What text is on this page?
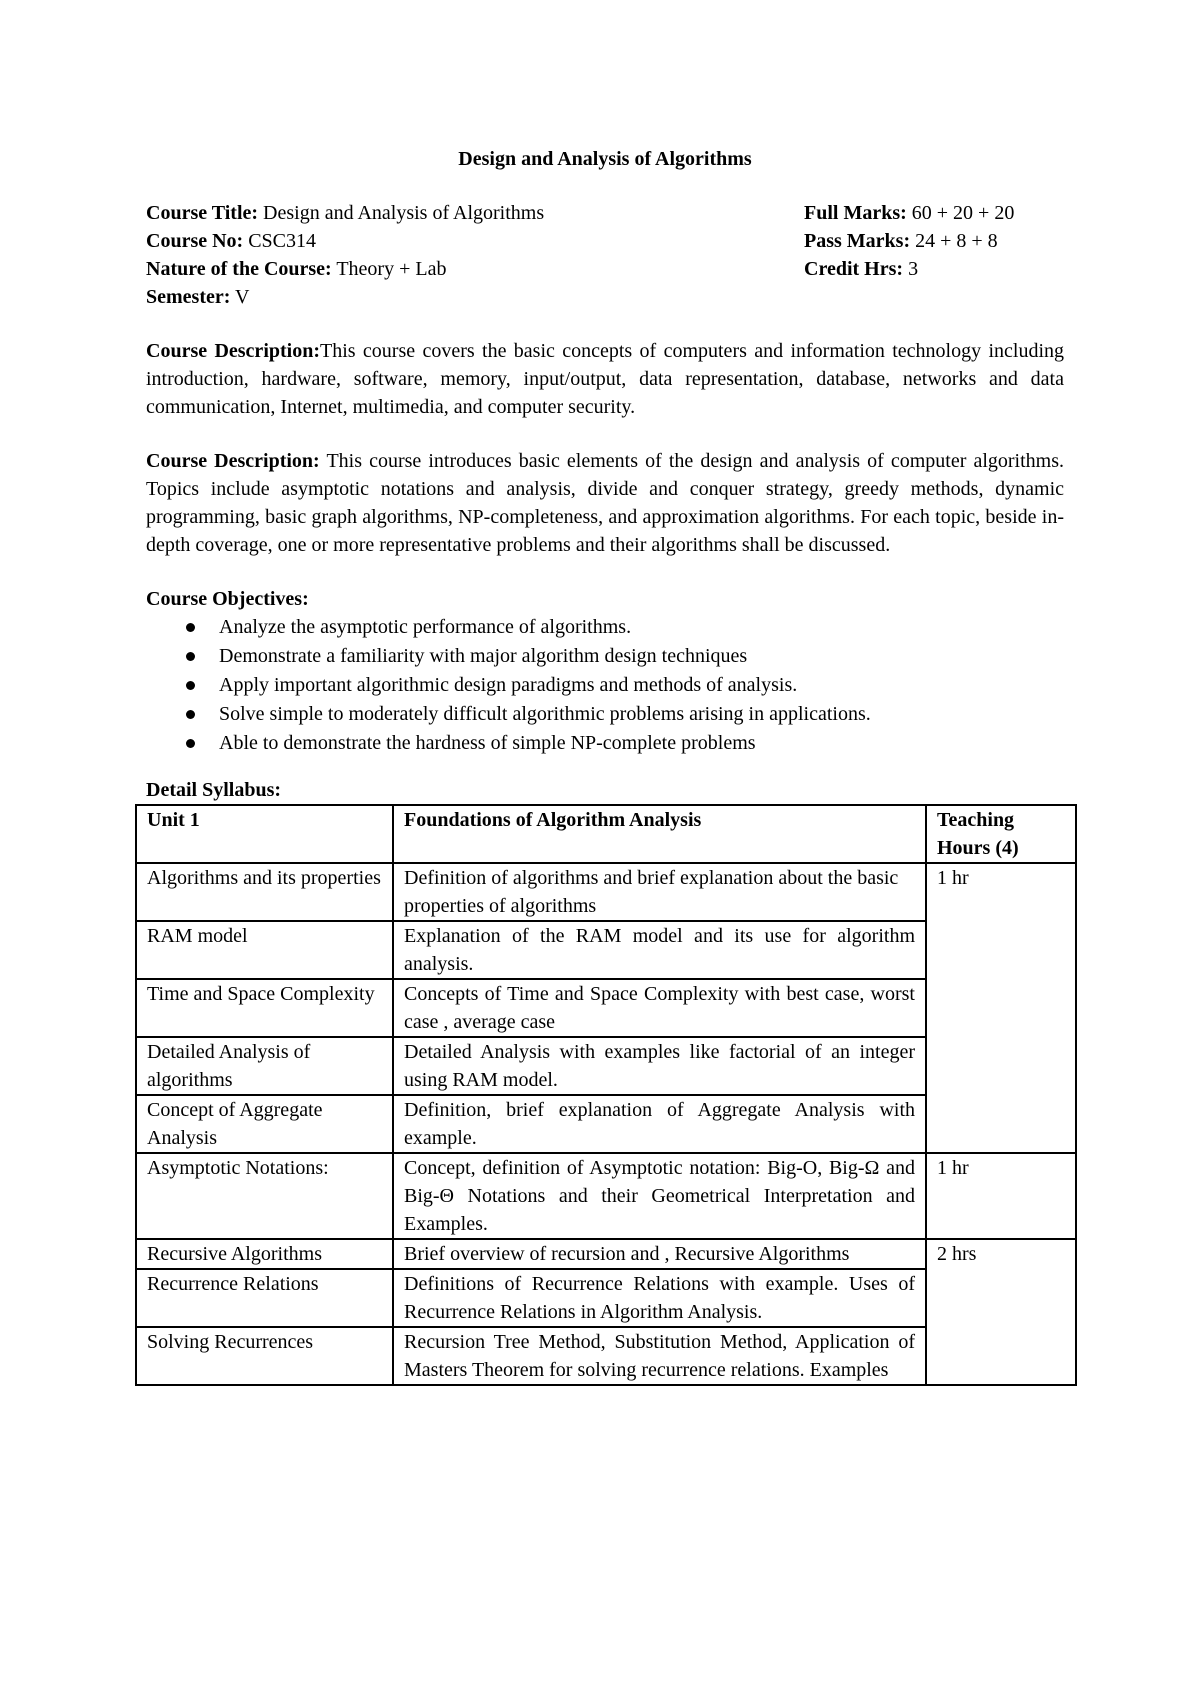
Design and Analysis of Algorithms
Course Title: Design and Analysis of Algorithms	Full Marks: 60 + 20 + 20
Course No: CSC314	Pass Marks: 24 + 8 + 8
Nature of the Course: Theory + Lab	Credit Hrs: 3
Semester: V

Course Description:This course covers the basic concepts of computers and information technology including introduction, hardware, software, memory, input/output, data representation, database, networks and data communication, Internet, multimedia, and computer security.

Course Description: This course introduces basic elements of the design and analysis of computer algorithms. Topics include asymptotic notations and analysis, divide and conquer strategy, greedy methods, dynamic programming, basic graph algorithms, NP-completeness, and approximation algorithms. For each topic, beside in-depth coverage, one or more representative problems and their algorithms shall be discussed.

Course Objectives:
Analyze the asymptotic performance of algorithms.
Demonstrate a familiarity with major algorithm design techniques
Apply important algorithmic design paradigms and methods of analysis.
Solve simple to moderately difficult algorithmic problems arising in applications.
Able to demonstrate the hardness of simple NP-complete problems
Detail Syllabus:
Unit 1	Foundations of Algorithm Analysis	Teaching Hours (4)
Algorithms and its properties	Definition of algorithms and brief explanation about the basic properties of algorithms	1 hr
RAM model	Explanation of the RAM model and its use for algorithm analysis.	
Time and Space Complexity	Concepts of Time and Space Complexity with best case, worst case , average case	
Detailed Analysis of algorithms	Detailed Analysis with examples like factorial of an integer using RAM model.	
Concept of Aggregate Analysis	Definition, brief explanation of Aggregate Analysis with example.	
Asymptotic Notations:	Concept, definition of Asymptotic notation: Big-O, Big-Ω and Big-Θ Notations and their Geometrical Interpretation and Examples.	1 hr
Recursive Algorithms	Brief overview of recursion and , Recursive Algorithms	2 hrs
Recurrence Relations	Definitions of Recurrence Relations with example. Uses of Recurrence Relations in Algorithm Analysis.	
Solving Recurrences	Recursion Tree Method, Substitution Method, Application of Masters Theorem for solving recurrence relations. Examples	
